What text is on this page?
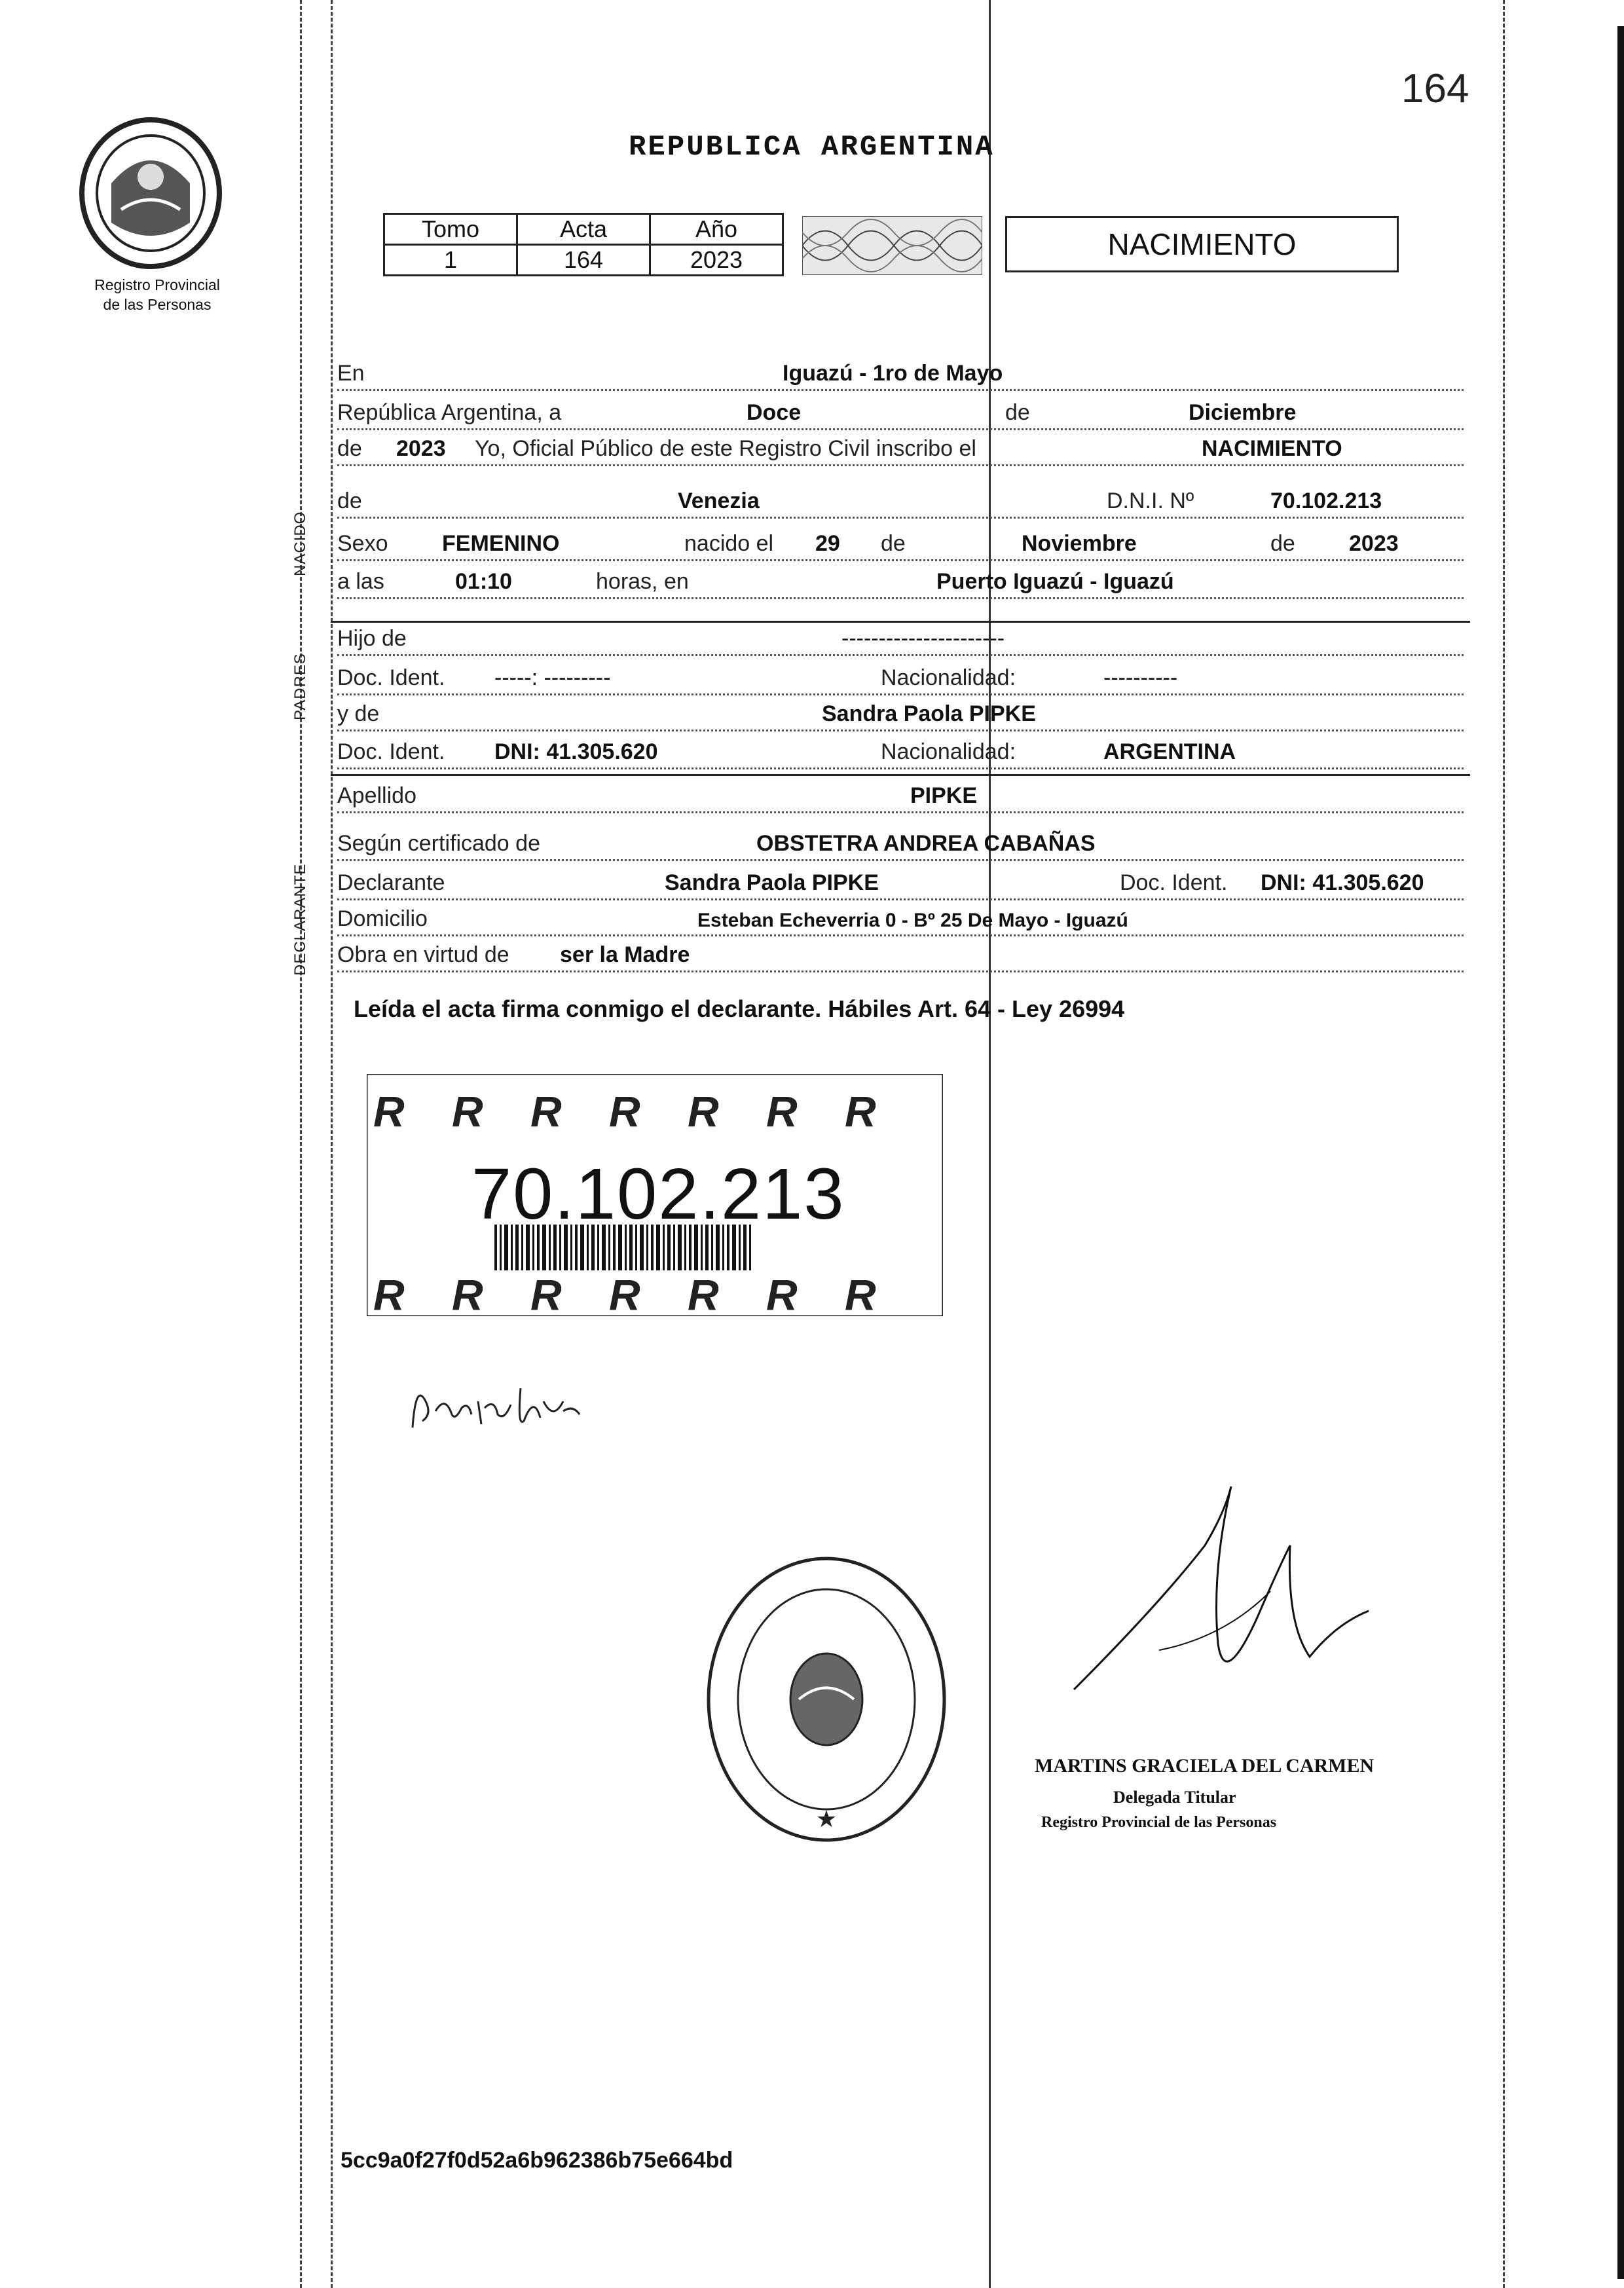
164
Registro Provincial
de las Personas
REPUBLICA ARGENTINA
Tomo	Acta	Año
1	164	2023	NACIMIENTO
NACIDO
PADRES
DECLARANTE
En	Iguazú - 1ro de Mayo
República Argentina, a	Doce	de	Diciembre
de 2023 Yo, Oficial Público de este Registro Civil inscribo el	NACIMIENTO
de	Venezia	D.N.I. Nº	70.102.213
Sexo FEMENINO	nacido el 29 de	Noviembre	de 2023
a las	01:10	horas, en	Puerto Iguazú - Iguazú
Hijo de	----------------------
Doc. Ident. -----: ---------	Nacionalidad:	----------
y de	Sandra Paola PIPKE
Doc. Ident. DNI: 41.305.620	Nacionalidad:	ARGENTINA
Apellido	PIPKE
Según certificado de	OBSTETRA ANDREA CABAÑAS
Declarante	Sandra Paola PIPKE	Doc. Ident. DNI: 41.305.620
Domicilio	Esteban Echeverria 0 - Bº 25 De Mayo - Iguazú
Obra en virtud de ser la Madre
Leída el acta firma conmigo el declarante. Hábiles Art. 64 - Ley 26994
R R R R R R R
R R R R R R R
70.102.213
★
MARTINS GRACIELA DEL CARMEN
Delegada Titular
Registro Provincial de las Personas
5cc9a0f27f0d52a6b962386b75e664bd
